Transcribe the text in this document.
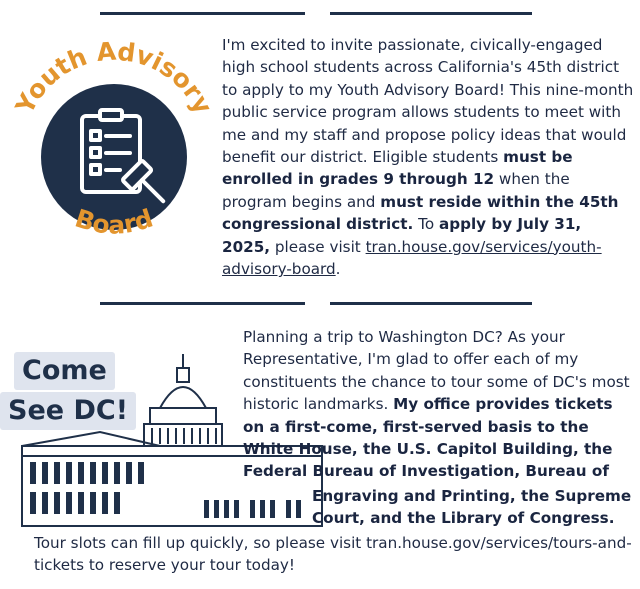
Youth Advisory
Board
I'm excited to invite passionate, civically-engaged high school students across California's 45th district to apply to my Youth Advisory Board! This nine-month public service program allows students to meet with me and my staff and propose policy ideas that would benefit our district. Eligible students must be enrolled in grades 9 through 12 when the program begins and must reside within the 45th congressional district. To apply by July 31, 2025, please visit tran.house.gov/services/youth-advisory-board.
Come
See DC!
Planning a trip to Washington DC? As your Representative, I'm glad to offer each of my constituents the chance to tour some of DC's most historic landmarks. My office provides tickets on a first-come, first-served basis to the White House, the U.S. Capitol Building, the Federal Bureau of Investigation, Bureau of
Engraving and Printing, the Supreme Court, and the Library of Congress.
Tour slots can fill up quickly, so please visit tran.house.gov/services/tours-and-tickets to reserve your tour today!
